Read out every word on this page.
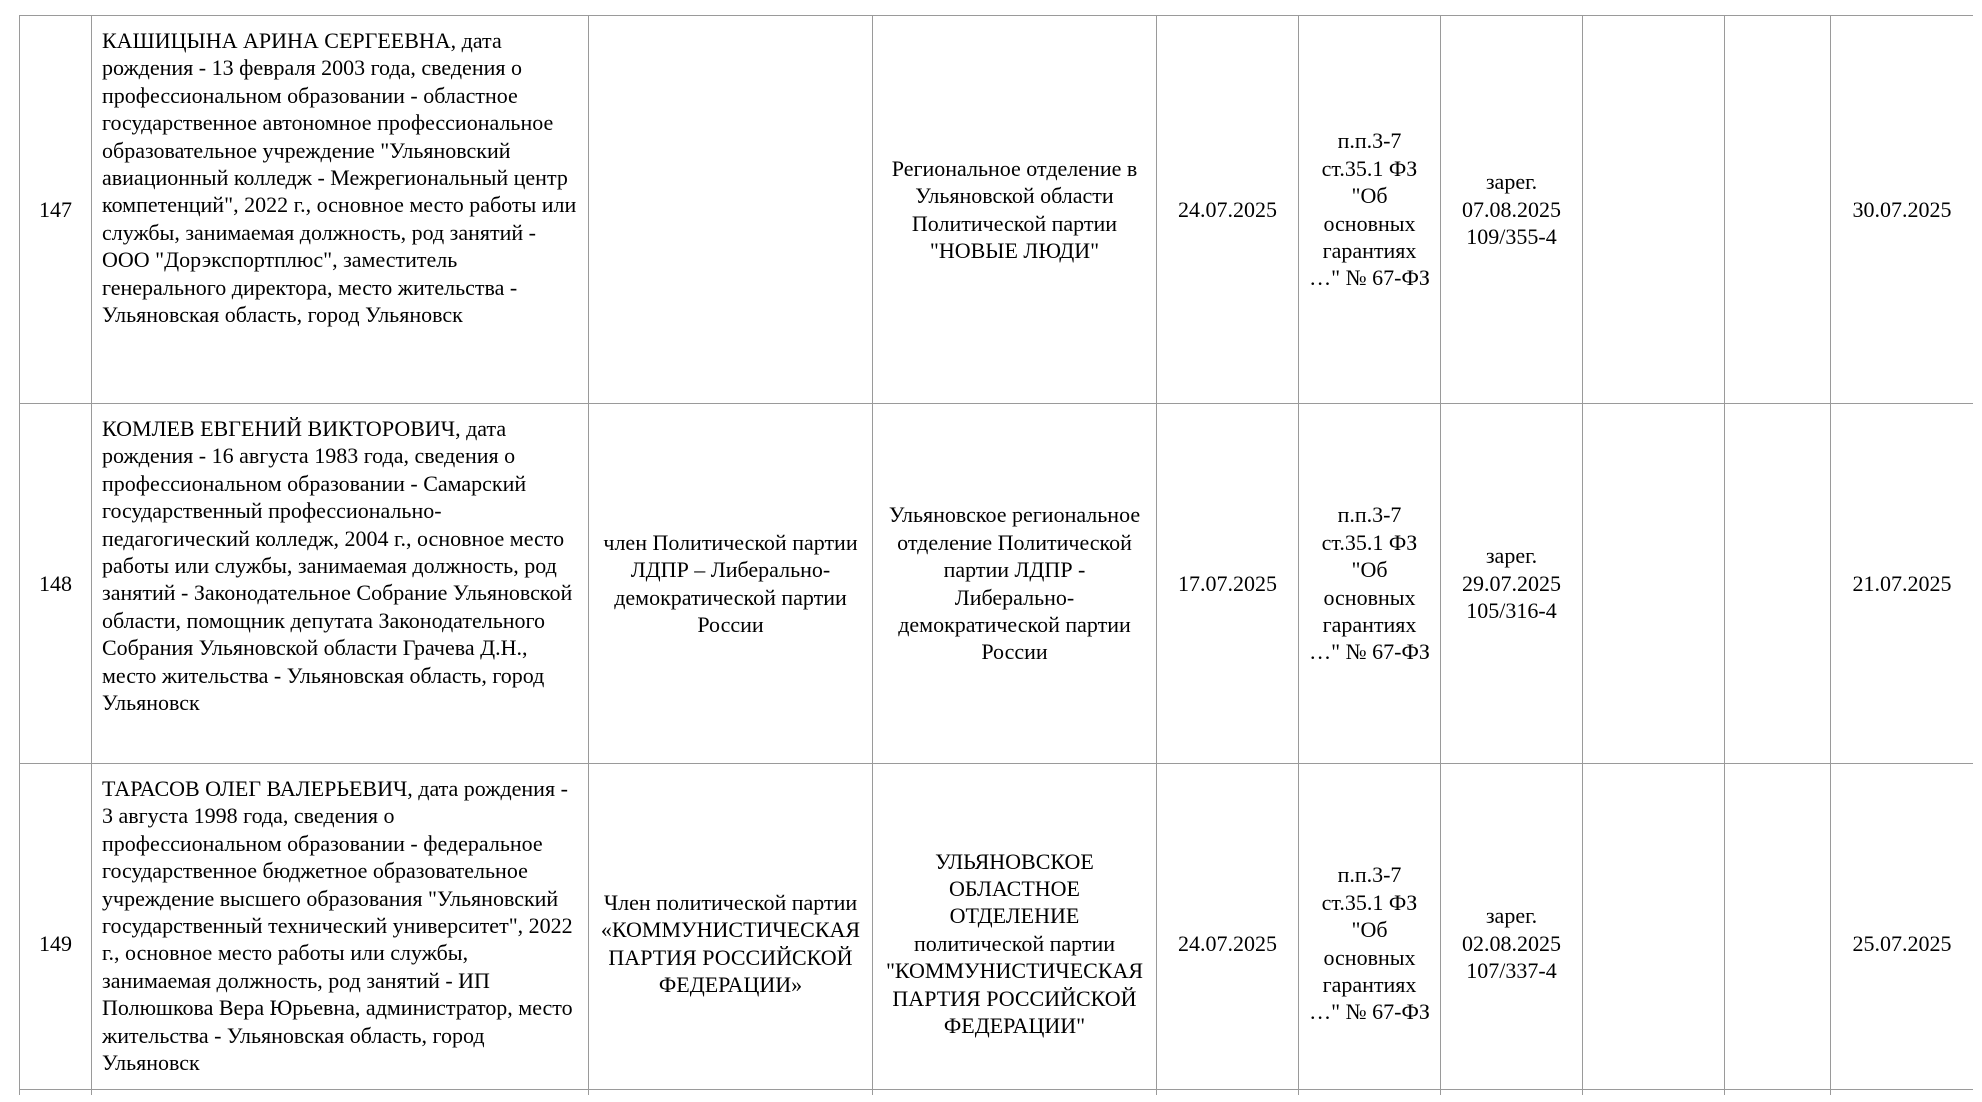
147	КАШИЦЫНА АРИНА СЕРГЕЕВНА, дата рождения - 13 февраля 2003 года, сведения о профессиональном образовании - областное государственное автономное профессиональное образовательное учреждение "Ульяновский авиационный колледж - Межрегиональный центр компетенций", 2022 г., основное место работы или службы, занимаемая должность, род занятий - ООО "Дорэкспортплюс", заместитель генерального директора, место жительства - Ульяновская область, город Ульяновск		Региональное отделение в Ульяновской области Политической партии "НОВЫЕ ЛЮДИ"	24.07.2025	п.п.3-7 ст.35.1 ФЗ "Об основных гарантиях …" № 67-ФЗ	зарег. 07.08.2025 109/355-4			30.07.2025
148	КОМЛЕВ ЕВГЕНИЙ ВИКТОРОВИЧ, дата рождения - 16 августа 1983 года, сведения о профессиональном образовании - Самарский государственный профессионально-педагогический колледж, 2004 г., основное место работы или службы, занимаемая должность, род занятий - Законодательное Собрание Ульяновской области, помощник депутата Законодательного Собрания Ульяновской области Грачева Д.Н., место жительства - Ульяновская область, город Ульяновск	член Политической партии ЛДПР – Либерально-демократической партии России	Ульяновское региональное отделение Политической партии ЛДПР - Либерально-демократической партии России	17.07.2025	п.п.3-7 ст.35.1 ФЗ "Об основных гарантиях …" № 67-ФЗ	зарег. 29.07.2025 105/316-4			21.07.2025
149	ТАРАСОВ ОЛЕГ ВАЛЕРЬЕВИЧ, дата рождения - 3 августа 1998 года, сведения о профессиональном образовании - федеральное государственное бюджетное образовательное учреждение высшего образования "Ульяновский государственный технический университет", 2022 г., основное место работы или службы, занимаемая должность, род занятий - ИП Полюшкова Вера Юрьевна, администратор, место жительства - Ульяновская область, город Ульяновск	Член политической партии «КОММУНИСТИЧЕСКАЯ ПАРТИЯ РОССИЙСКОЙ ФЕДЕРАЦИИ»	УЛЬЯНОВСКОЕ ОБЛАСТНОЕ ОТДЕЛЕНИЕ политической партии "КОММУНИСТИЧЕСКАЯ ПАРТИЯ РОССИЙСКОЙ ФЕДЕРАЦИИ"	24.07.2025	п.п.3-7 ст.35.1 ФЗ "Об основных гарантиях …" № 67-ФЗ	зарег. 02.08.2025 107/337-4			25.07.2025
